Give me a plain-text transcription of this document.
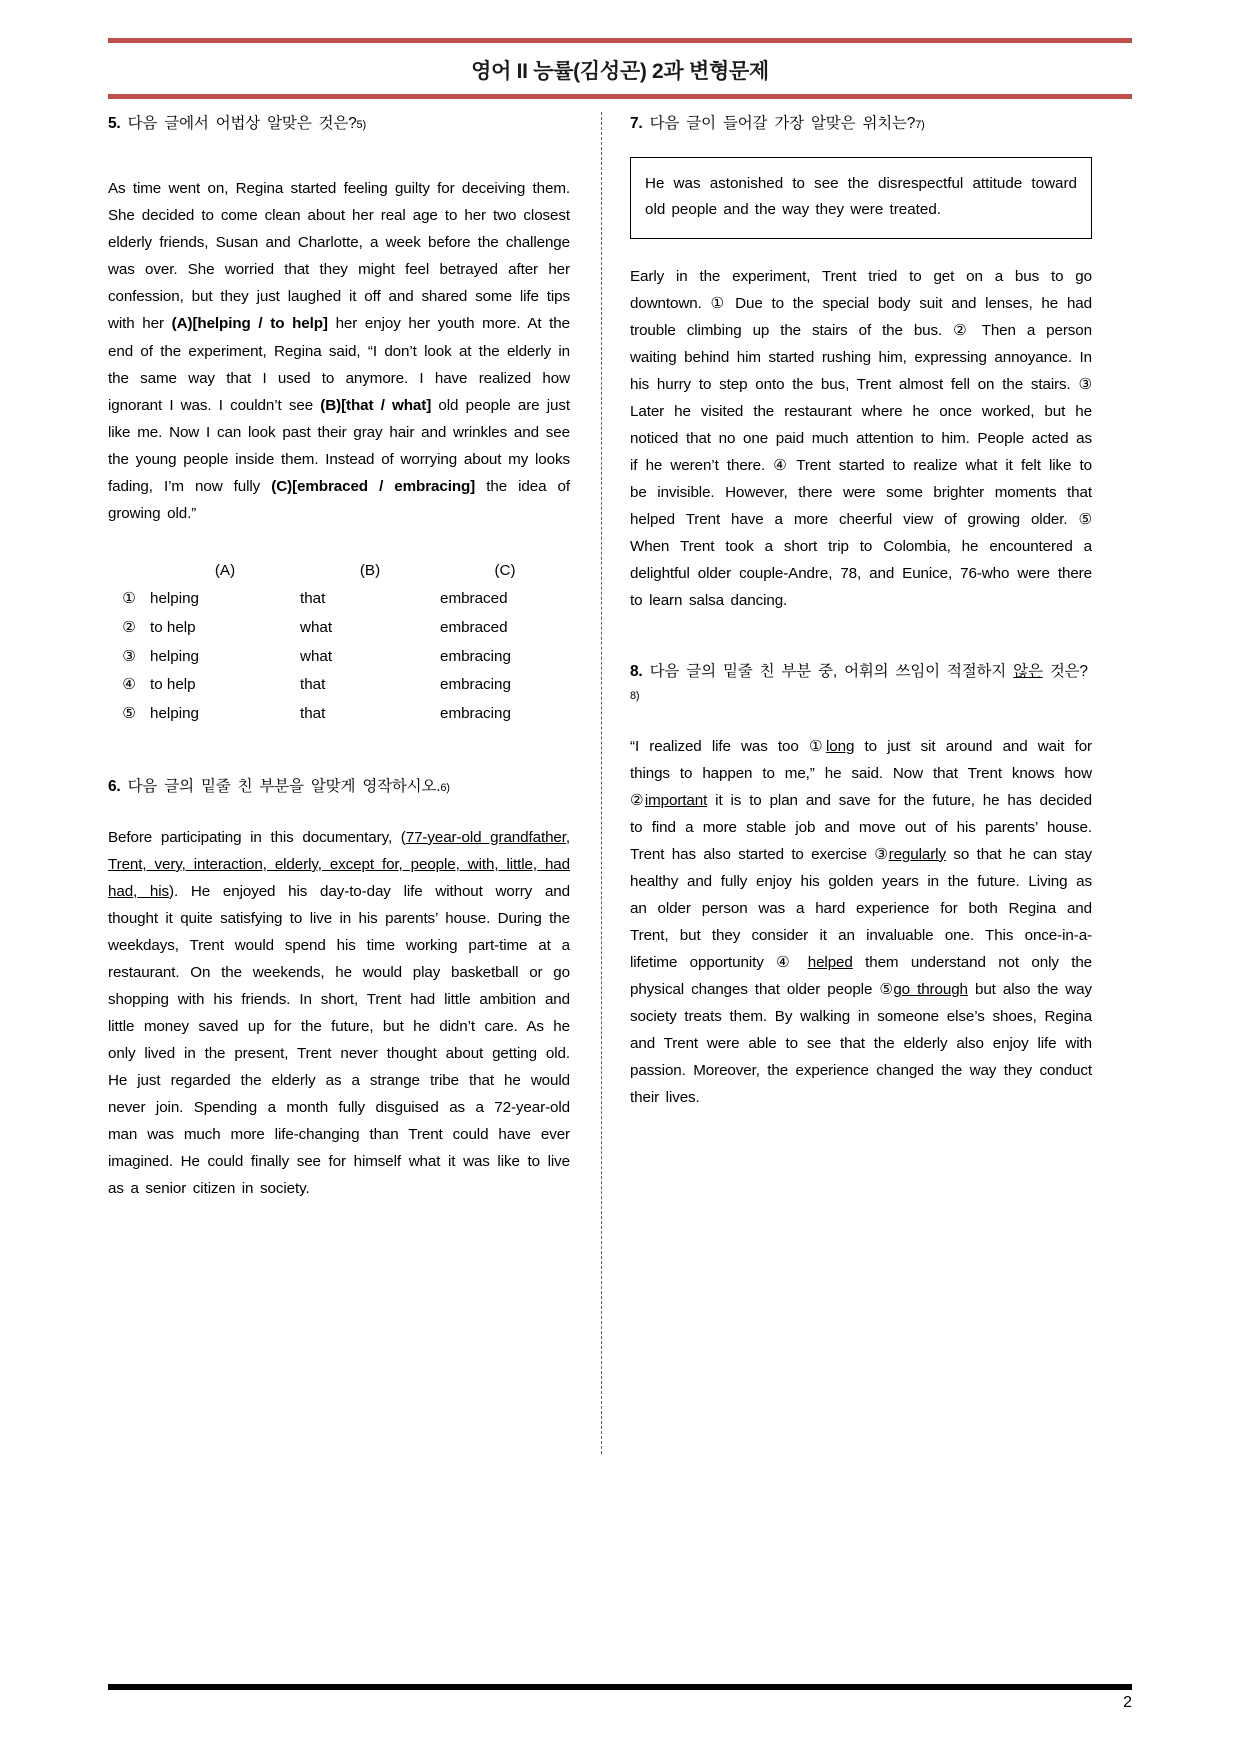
영어 II 능률(김성곤) 2과 변형문제

5. 다음 글에서 어법상 알맞은 것은?5)

As time went on, Regina started feeling guilty for deceiving them. She decided to come clean about her real age to her two closest elderly friends, Susan and Charlotte, a week before the challenge was over. She worried that they might feel betrayed after her confession, but they just laughed it off and shared some life tips with her (A)[helping / to help] her enjoy her youth more. At the end of the experiment, Regina said, “I don’t look at the elderly in the same way that I used to anymore. I have realized how ignorant I was. I couldn’t see (B)[that / what] old people are just like me. Now I can look past their gray hair and wrinkles and see the young people inside them. Instead of worrying about my looks fading, I’m now fully (C)[embraced / embracing] the idea of growing old.”

	(A)	(B)	(C)
①	helping	that	embraced
②	to help	what	embraced
③	helping	what	embracing
④	to help	that	embracing
⑤	helping	that	embracing

6. 다음 글의 밑줄 친 부분을 알맞게 영작하시오.6)

Before participating in this documentary, (77-year-old grandfather, Trent, very, interaction, elderly, except for, people, with, little, had had, his). He enjoyed his day-to-day life without worry and thought it quite satisfying to live in his parents’ house. During the weekdays, Trent would spend his time working part-time at a restaurant. On the weekends, he would play basketball or go shopping with his friends. In short, Trent had little ambition and little money saved up for the future, but he didn’t care. As he only lived in the present, Trent never thought about getting old. He just regarded the elderly as a strange tribe that he would never join. Spending a month fully disguised as a 72-year-old man was much more life-changing than Trent could have ever imagined. He could finally see for himself what it was like to live as a senior citizen in society.

7. 다음 글이 들어갈 가장 알맞은 위치는?7)

He was astonished to see the disrespectful attitude toward old people and the way they were treated.

Early in the experiment, Trent tried to get on a bus to go downtown. ① Due to the special body suit and lenses, he had trouble climbing up the stairs of the bus. ② Then a person waiting behind him started rushing him, expressing annoyance. In his hurry to step onto the bus, Trent almost fell on the stairs. ③ Later he visited the restaurant where he once worked, but he noticed that no one paid much attention to him. People acted as if he weren’t there. ④ Trent started to realize what it felt like to be invisible. However, there were some brighter moments that helped Trent have a more cheerful view of growing older. ⑤ When Trent took a short trip to Colombia, he encountered a delightful older couple-Andre, 78, and Eunice, 76-who were there to learn salsa dancing.

8. 다음 글의 밑줄 친 부분 중, 어휘의 쓰임이 적절하지 않은 것은?8)

“I realized life was too ①long to just sit around and wait for things to happen to me,” he said. Now that Trent knows how ②important it is to plan and save for the future, he has decided to find a more stable job and move out of his parents’ house. Trent has also started to exercise ③regularly so that he can stay healthy and fully enjoy his golden years in the future. Living as an older person was a hard experience for both Regina and Trent, but they consider it an invaluable one. This once-in-a-lifetime opportunity ④ helped them understand not only the physical changes that older people ⑤go through but also the way society treats them. By walking in someone else’s shoes, Regina and Trent were able to see that the elderly also enjoy life with passion. Moreover, the experience changed the way they conduct their lives.

2
